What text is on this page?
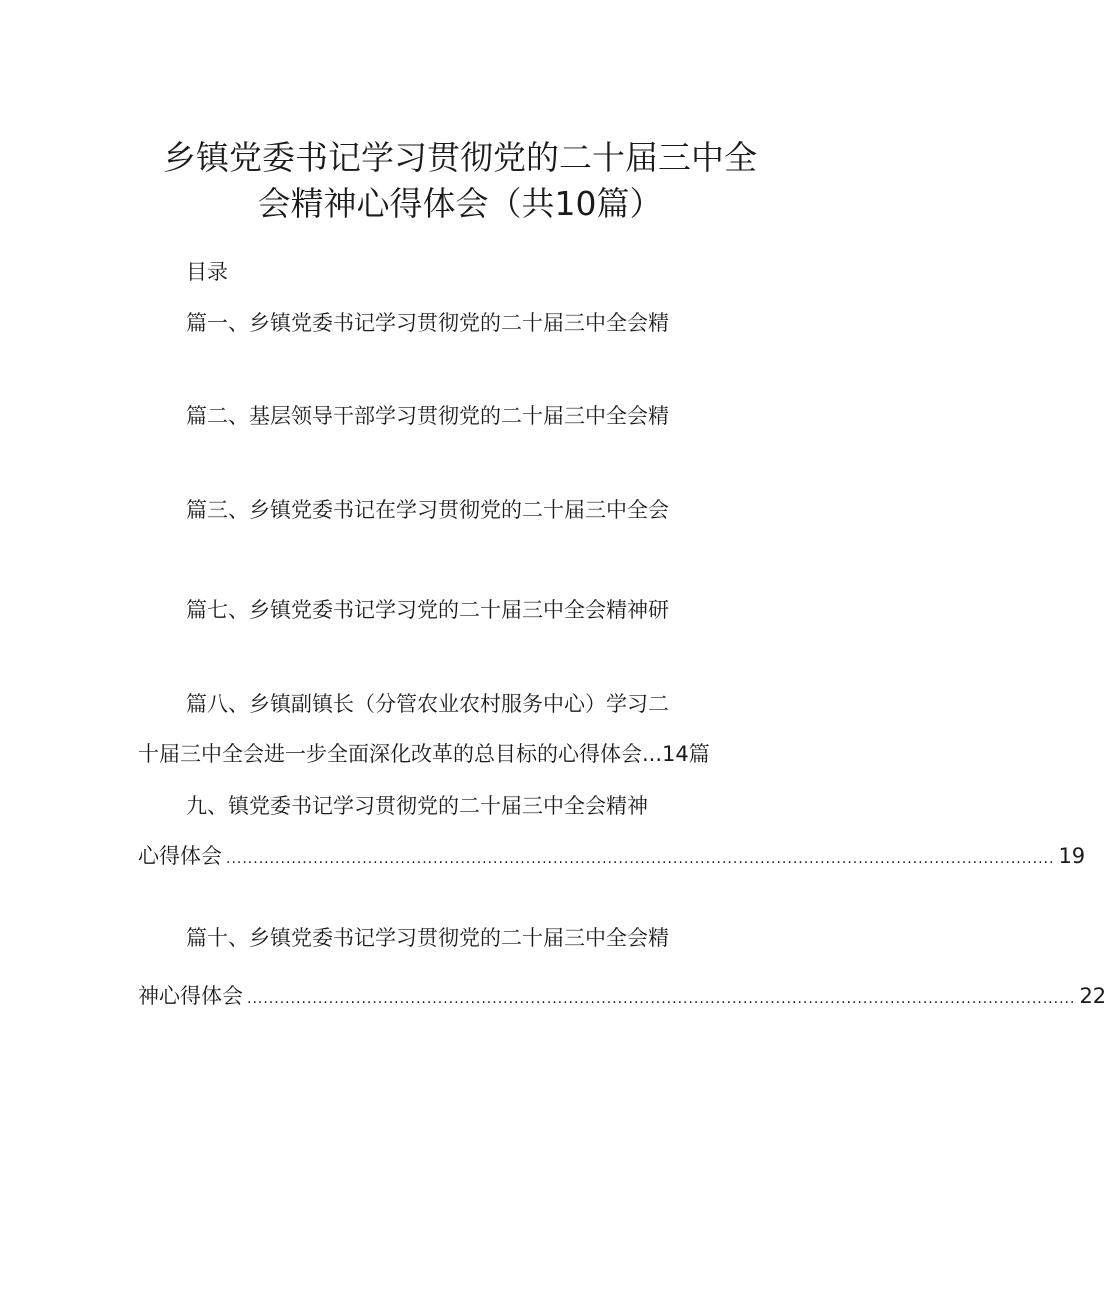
乡镇党委书记学习贯彻党的二十届三中全
会精神心得体会（共10篇）
目录
篇一、乡镇党委书记学习贯彻党的二十届三中全会精
篇二、基层领导干部学习贯彻党的二十届三中全会精
篇三、乡镇党委书记在学习贯彻党的二十届三中全会
篇七、乡镇党委书记学习党的二十届三中全会精神研
篇八、乡镇副镇长（分管农业农村服务中心）学习二
十届三中全会进一步全面深化改革的总目标的心得体会...14篇
九、镇党委书记学习贯彻党的二十届三中全会精神
心得体会 ........................................................................................................................................................ 19
篇十、乡镇党委书记学习贯彻党的二十届三中全会精
神心得体会 ........................................................................................................................................................ 22
